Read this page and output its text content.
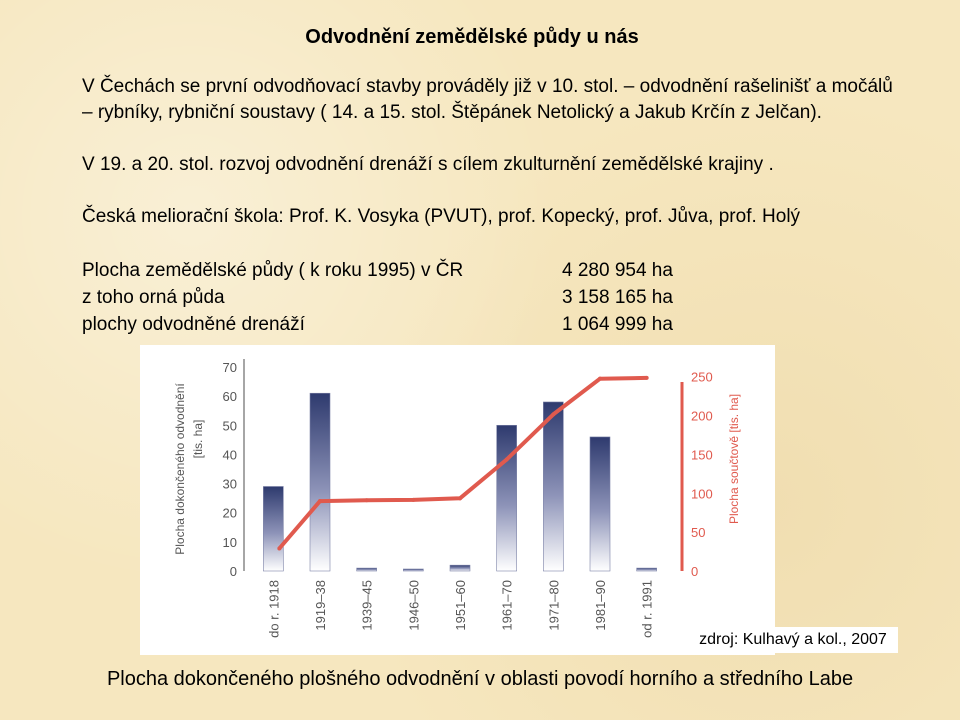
Odvodnění zemědělské půdy u nás
V Čechách se první odvodňovací stavby prováděly již v 10. stol. – odvodnění rašelinišť a močálů – rybníky, rybniční soustavy ( 14. a 15. stol. Štěpánek Netolický a Jakub Krčín z Jelčan).
V 19. a 20. stol. rozvoj odvodnění drenáží s cílem zkulturnění zemědělské krajiny .
Česká meliorační škola: Prof. K. Vosyka (PVUT), prof. Kopecký, prof. Jůva, prof. Holý
Plocha zemědělské půdy ( k roku 1995) v ČR	4 280 954 ha
z toho orná půda	3 158 165 ha
plochy odvodněné drenáží	1 064 999 ha
0
10
20
30
40
50
60
70
0
50
100
150
200
250
Plocha dokončeného odvodnění [tis. ha]	Plocha součtově [tis. ha]
do r. 1918 1919–38 1939–45 1946–50 1951–60 1961–70 1971–80 1981–90 od r. 1991
zdroj: Kulhavý a kol., 2007
Plocha dokončeného plošného odvodnění v oblasti povodí horního a středního Labe
